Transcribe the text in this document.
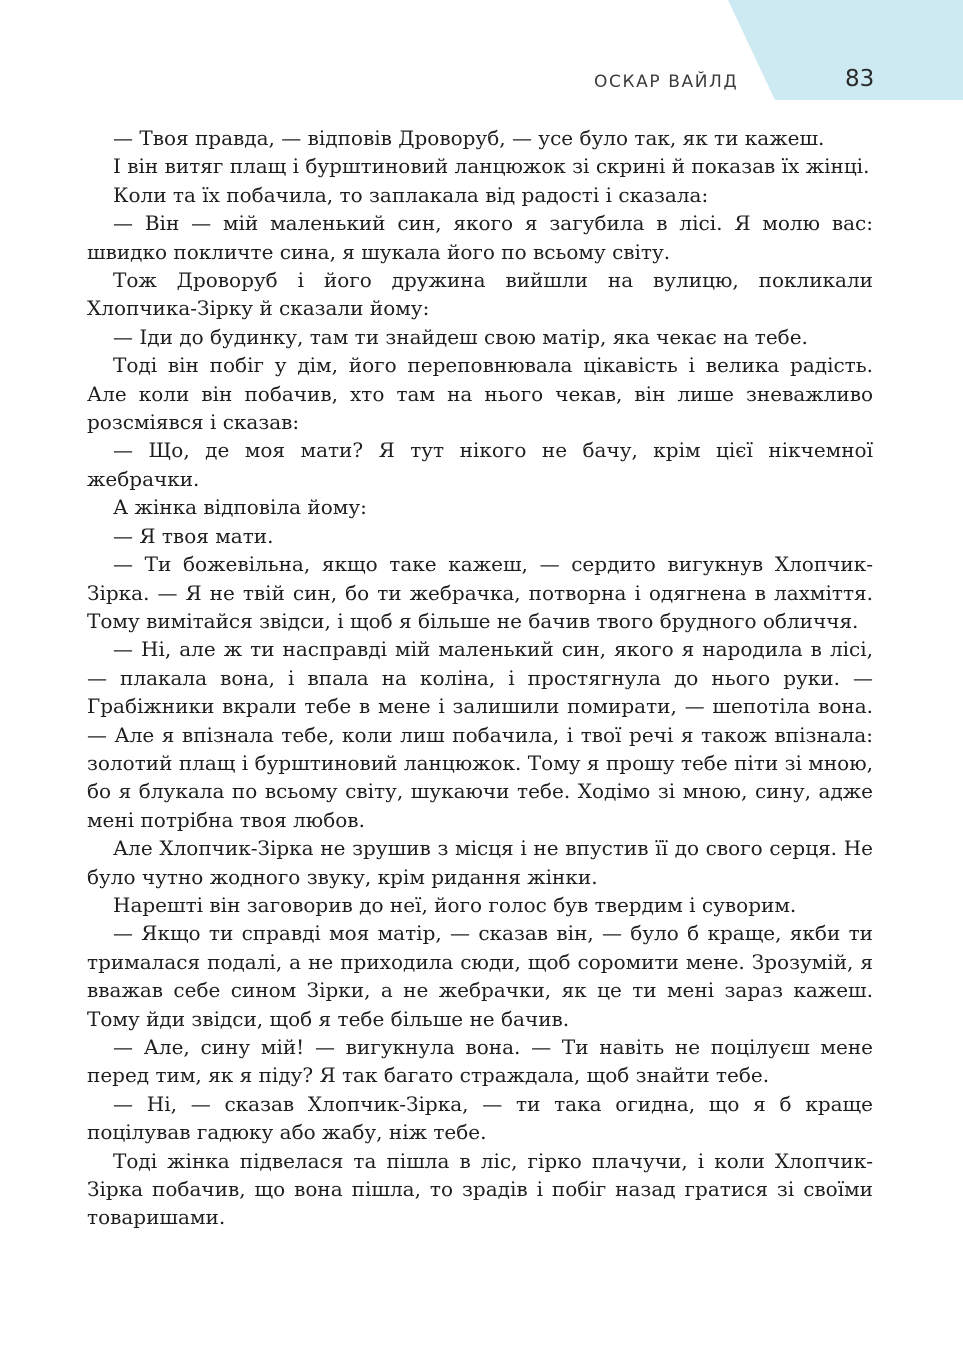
ОСКАР ВАЙЛД	83

— Твоя правда, — відповів Дроворуб, — усе було так, як ти кажеш.

І він витяг плащ і бурштиновий ланцюжок зі скрині й показав їх жінці.

Коли та їх побачила, то заплакала від радості і сказала:

— Він — мій маленький син, якого я загубила в лісі. Я молю вас: швидко покличте сина, я шукала його по всьому світу.

Тож Дроворуб і його дружина вийшли на вулицю, покликали Хлопчика-Зірку й сказали йому:

— Іди до будинку, там ти знайдеш свою матір, яка чекає на тебе.

Тоді він побіг у дім, його переповнювала цікавість і велика радість. Але коли він побачив, хто там на нього чекав, він лише зневажливо розсміявся і сказав:

— Що, де моя мати? Я тут нікого не бачу, крім цієї нікчемної жебрачки.

А жінка відповіла йому:

— Я твоя мати.

— Ти божевільна, якщо таке кажеш, — сердито вигукнув Хлопчик-Зірка. — Я не твій син, бо ти жебрачка, потворна і одягнена в лахміття. Тому вимітайся звідси, і щоб я більше не бачив твого брудного обличчя.

— Ні, але ж ти насправді мій маленький син, якого я народила в лісі, — плакала вона, і впала на коліна, і простягнула до нього руки. — Грабіжники вкрали тебе в мене і залишили помирати, — шепотіла вона. — Але я впізнала тебе, коли лиш побачила, і твої речі я також впізнала: золотий плащ і бурштиновий ланцюжок. Тому я прошу тебе піти зі мною, бо я блукала по всьому світу, шукаючи тебе. Ходімо зі мною, сину, адже мені потрібна твоя любов.

Але Хлопчик-Зірка не зрушив з місця і не впустив її до свого серця. Не було чутно жодного звуку, крім ридання жінки.

Нарешті він заговорив до неї, його голос був твердим і суворим.

— Якщо ти справді моя матір, — сказав він, — було б краще, якби ти трималася подалі, а не приходила сюди, щоб соромити мене. Зрозумій, я вважав себе сином Зірки, а не жебрачки, як це ти мені зараз кажеш. Тому йди звідси, щоб я тебе більше не бачив.

— Але, сину мій! — вигукнула вона. — Ти навіть не поцілуєш мене перед тим, як я піду? Я так багато страждала, щоб знайти тебе.

— Ні, — сказав Хлопчик-Зірка, — ти така огидна, що я б краще поцілував гадюку або жабу, ніж тебе.

Тоді жінка підвелася та пішла в ліс, гірко плачучи, і коли Хлопчик-Зірка побачив, що вона пішла, то зрадів і побіг назад гратися зі своїми товаришами.
